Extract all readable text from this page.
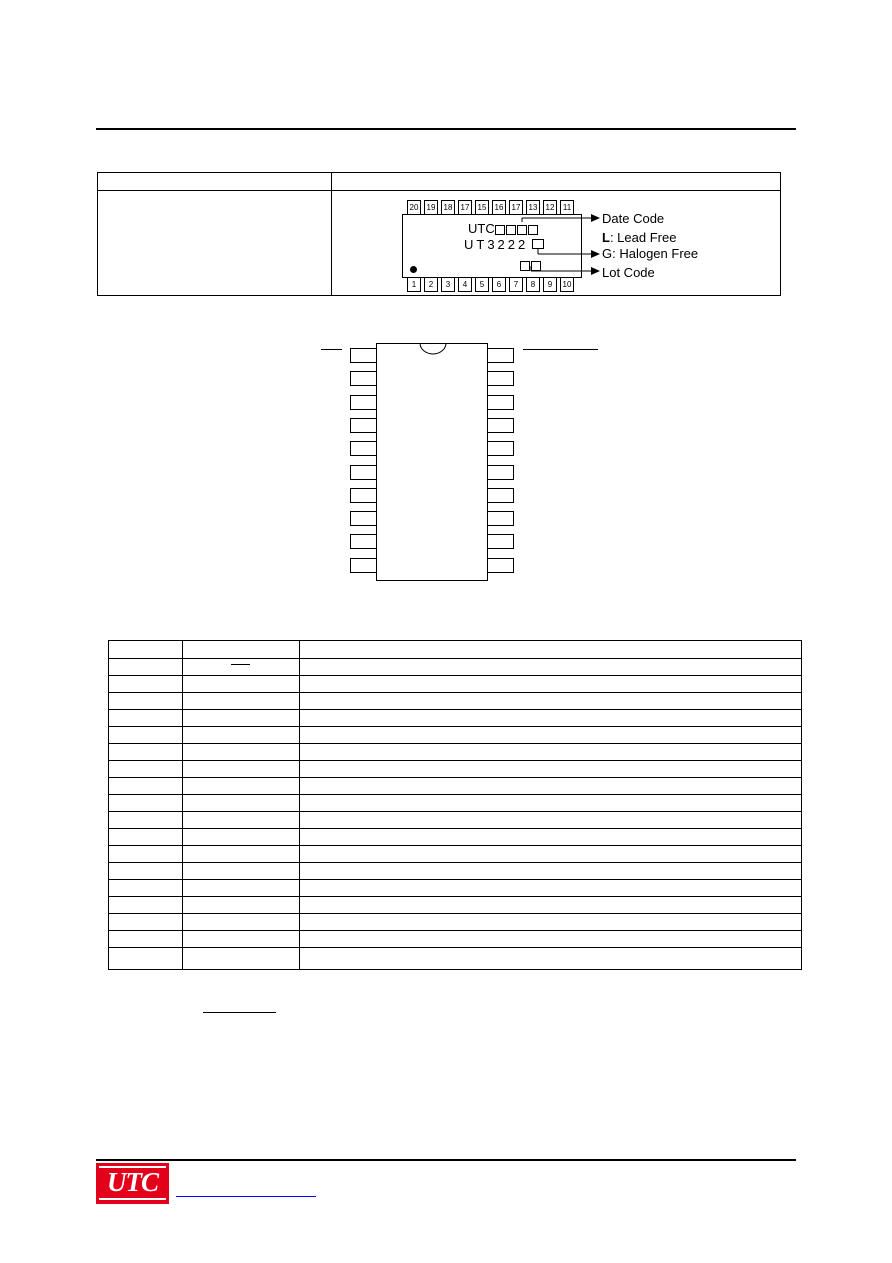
20	19	18	17	15	16	17	13	12	11
1	2	3	4	5	6	7	8	9	10
UTC
UT3222
Date Code
L: Lead Free
G: Halogen Free
Lot Code

UTC
